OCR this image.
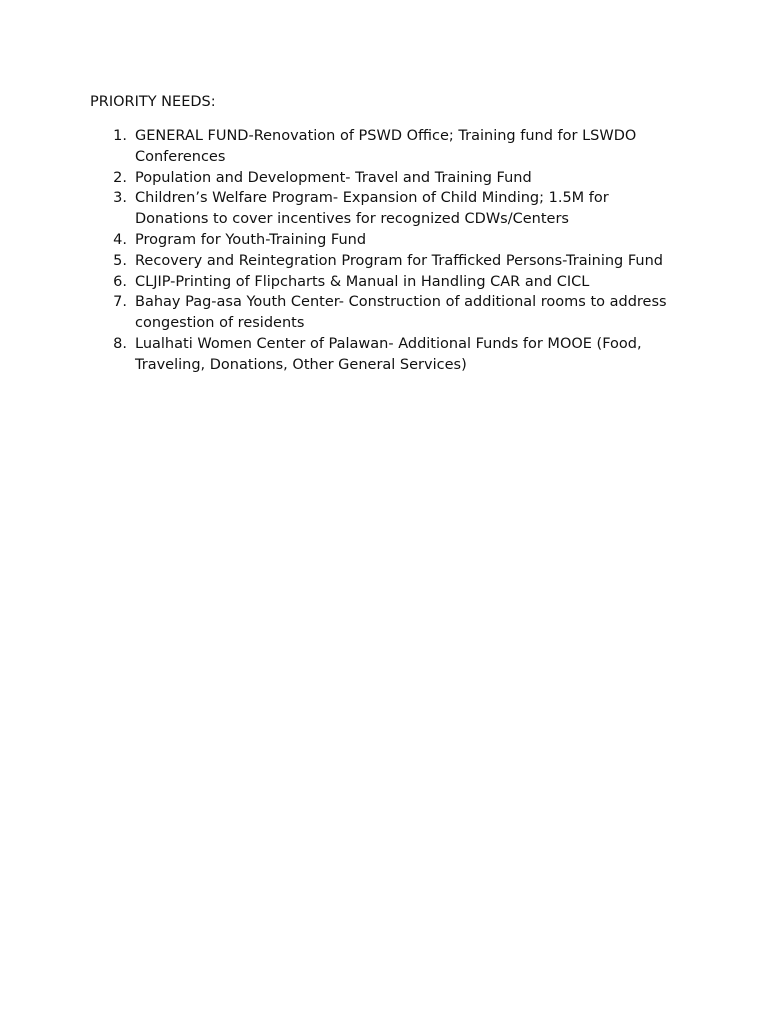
PRIORITY NEEDS:

1. GENERAL FUND-Renovation of PSWD Office; Training fund for LSWDO Conferences
2. Population and Development- Travel and Training Fund
3. Children’s Welfare Program- Expansion of Child Minding; 1.5M for Donations to cover incentives for recognized CDWs/Centers
4. Program for Youth-Training Fund
5. Recovery and Reintegration Program for Trafficked Persons-Training Fund
6. CLJIP-Printing of Flipcharts & Manual in Handling CAR and CICL
7. Bahay Pag-asa Youth Center- Construction of additional rooms to address congestion of residents
8. Lualhati Women Center of Palawan- Additional Funds for MOOE (Food, Traveling, Donations, Other General Services)
